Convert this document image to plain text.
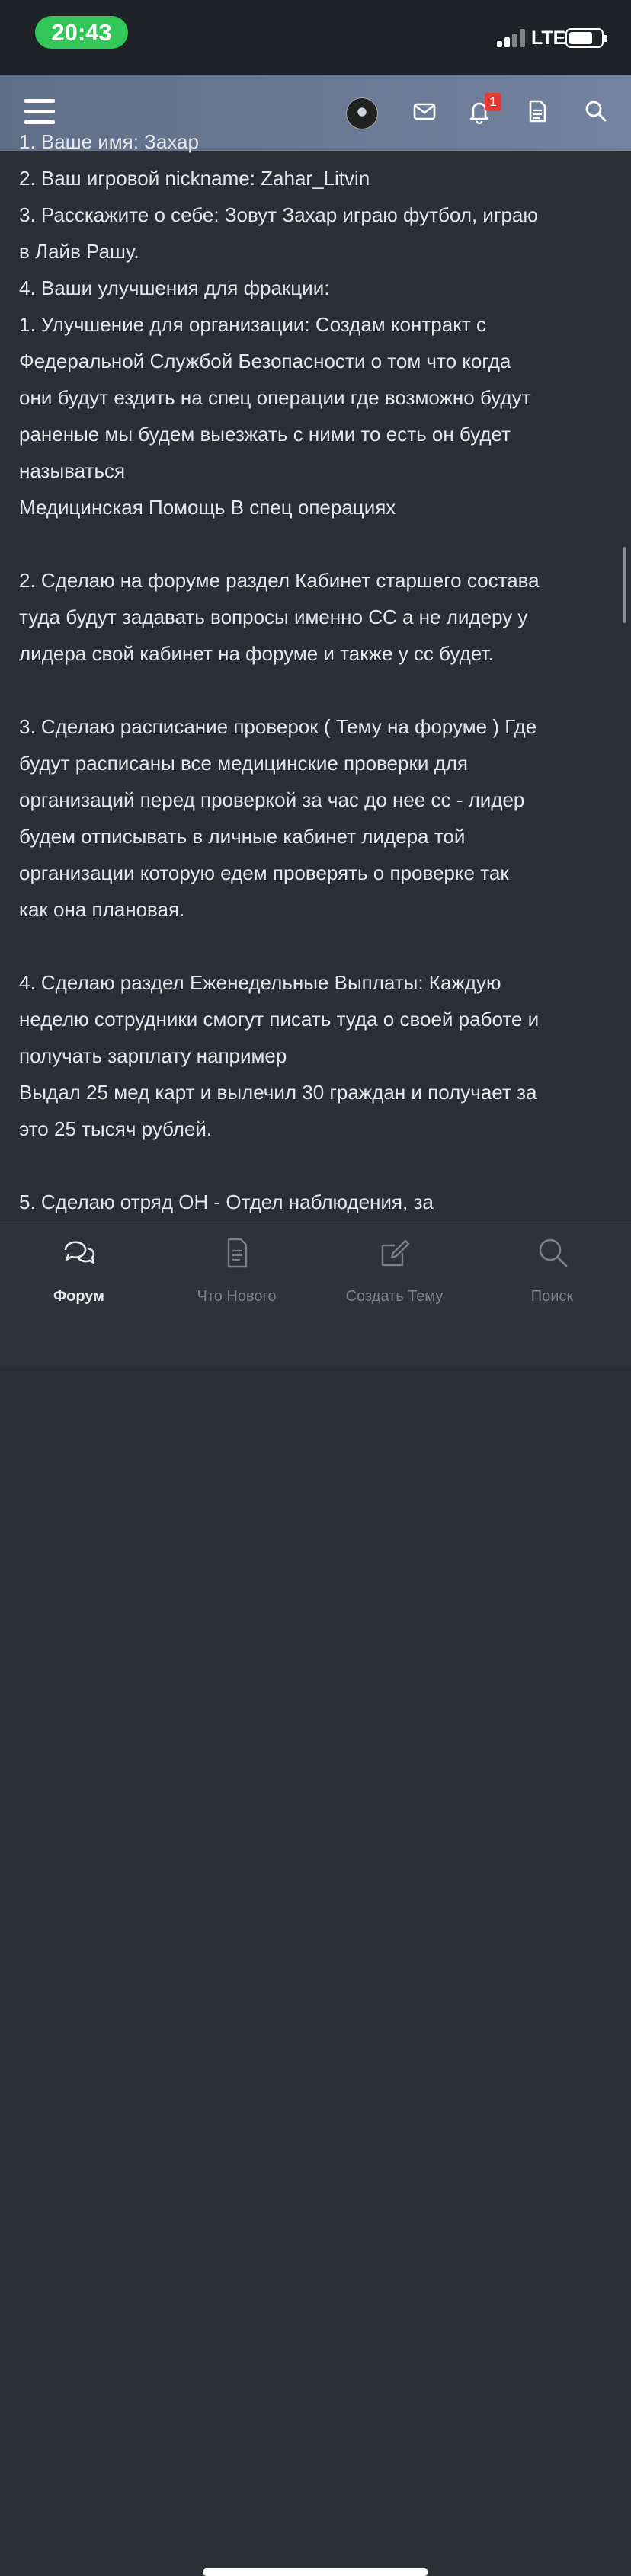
20:43	LTE
1
1. Ваше имя: Захар
2. Ваш игровой nickname: Zahar_Litvin
3. Расскажите о себе: Зовут Захар играю футбол, играю
в Лайв Рашу.
4. Ваши улучшения для фракции:
1. Улучшение для организации: Создам контракт с
Федеральной Службой Безопасности о том что когда
они будут ездить на спец операции где возможно будут
раненые мы будем выезжать с ними то есть он будет
называться
Медицинская Помощь В спец операциях
2. Сделаю на форуме раздел Кабинет старшего состава
туда будут задавать вопросы именно СС а не лидеру у
лидера свой кабинет на форуме и также у сс будет.
3. Сделаю расписание проверок ( Тему на форуме ) Где
будут расписаны все медицинские проверки для
организаций перед проверкой за час до нее сс - лидер
будем отписывать в личные кабинет лидера той
организации которую едем проверять о проверке так
как она плановая.
4. Сделаю раздел Еженедельные Выплаты: Каждую
неделю сотрудники смогут писать туда о своей работе и
получать зарплату например
Выдал 25 мед карт и вылечил 30 граждан и получает за
это 25 тысяч рублей.
5. Сделаю отряд ОН - Отдел наблюдения, за
Форум	Что Нового	Создать Тему	Поиск
